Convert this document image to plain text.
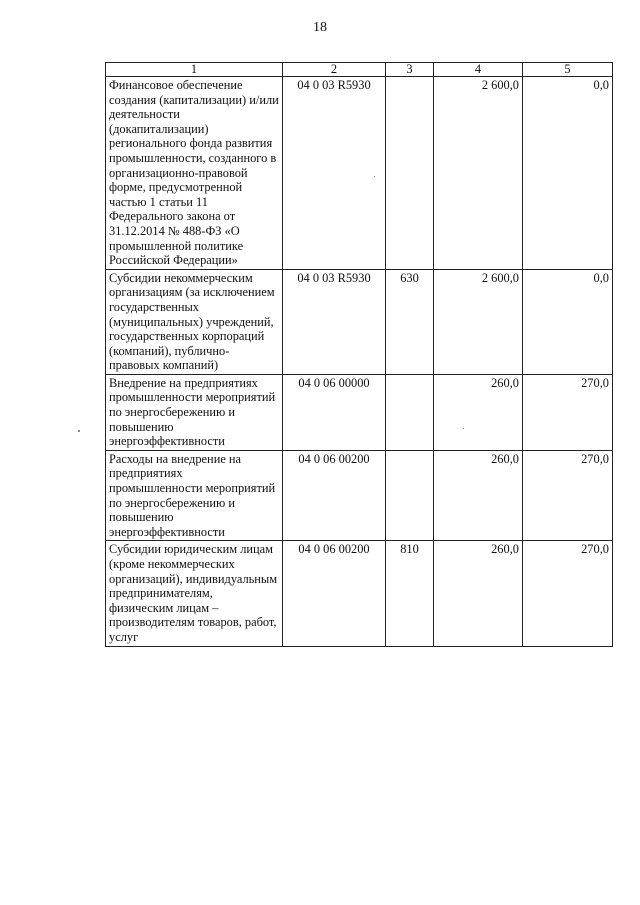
18
1	2	3	4	5
Финансовое обеспечение создания (капитализации) и/или деятельности (докапитализации) регионального фонда развития промышленности, созданного в организационно-правовой форме, предусмотренной частью 1 статьи 11 Федерального закона от 31.12.2014 № 488-ФЗ «О промышленной политике Российской Федерации»	04 0 03 R5930		2 600,0	0,0
Субсидии некоммерческим организациям (за исключением государственных (муниципальных) учреждений, государственных корпораций (компаний), публично-правовых компаний)	04 0 03 R5930	630	2 600,0	0,0
Внедрение на предприятиях промышленности мероприятий по энергосбережению и повышению энергоэффективности	04 0 06 00000		260,0	270,0
Расходы на внедрение на предприятиях промышленности мероприятий по энергосбережению и повышению энергоэффективности	04 0 06 00200		260,0	270,0
Субсидии юридическим лицам (кроме некоммерческих организаций), индивидуальным предпринимателям, физическим лицам – производителям товаров, работ, услуг	04 0 06 00200	810	260,0	270,0
